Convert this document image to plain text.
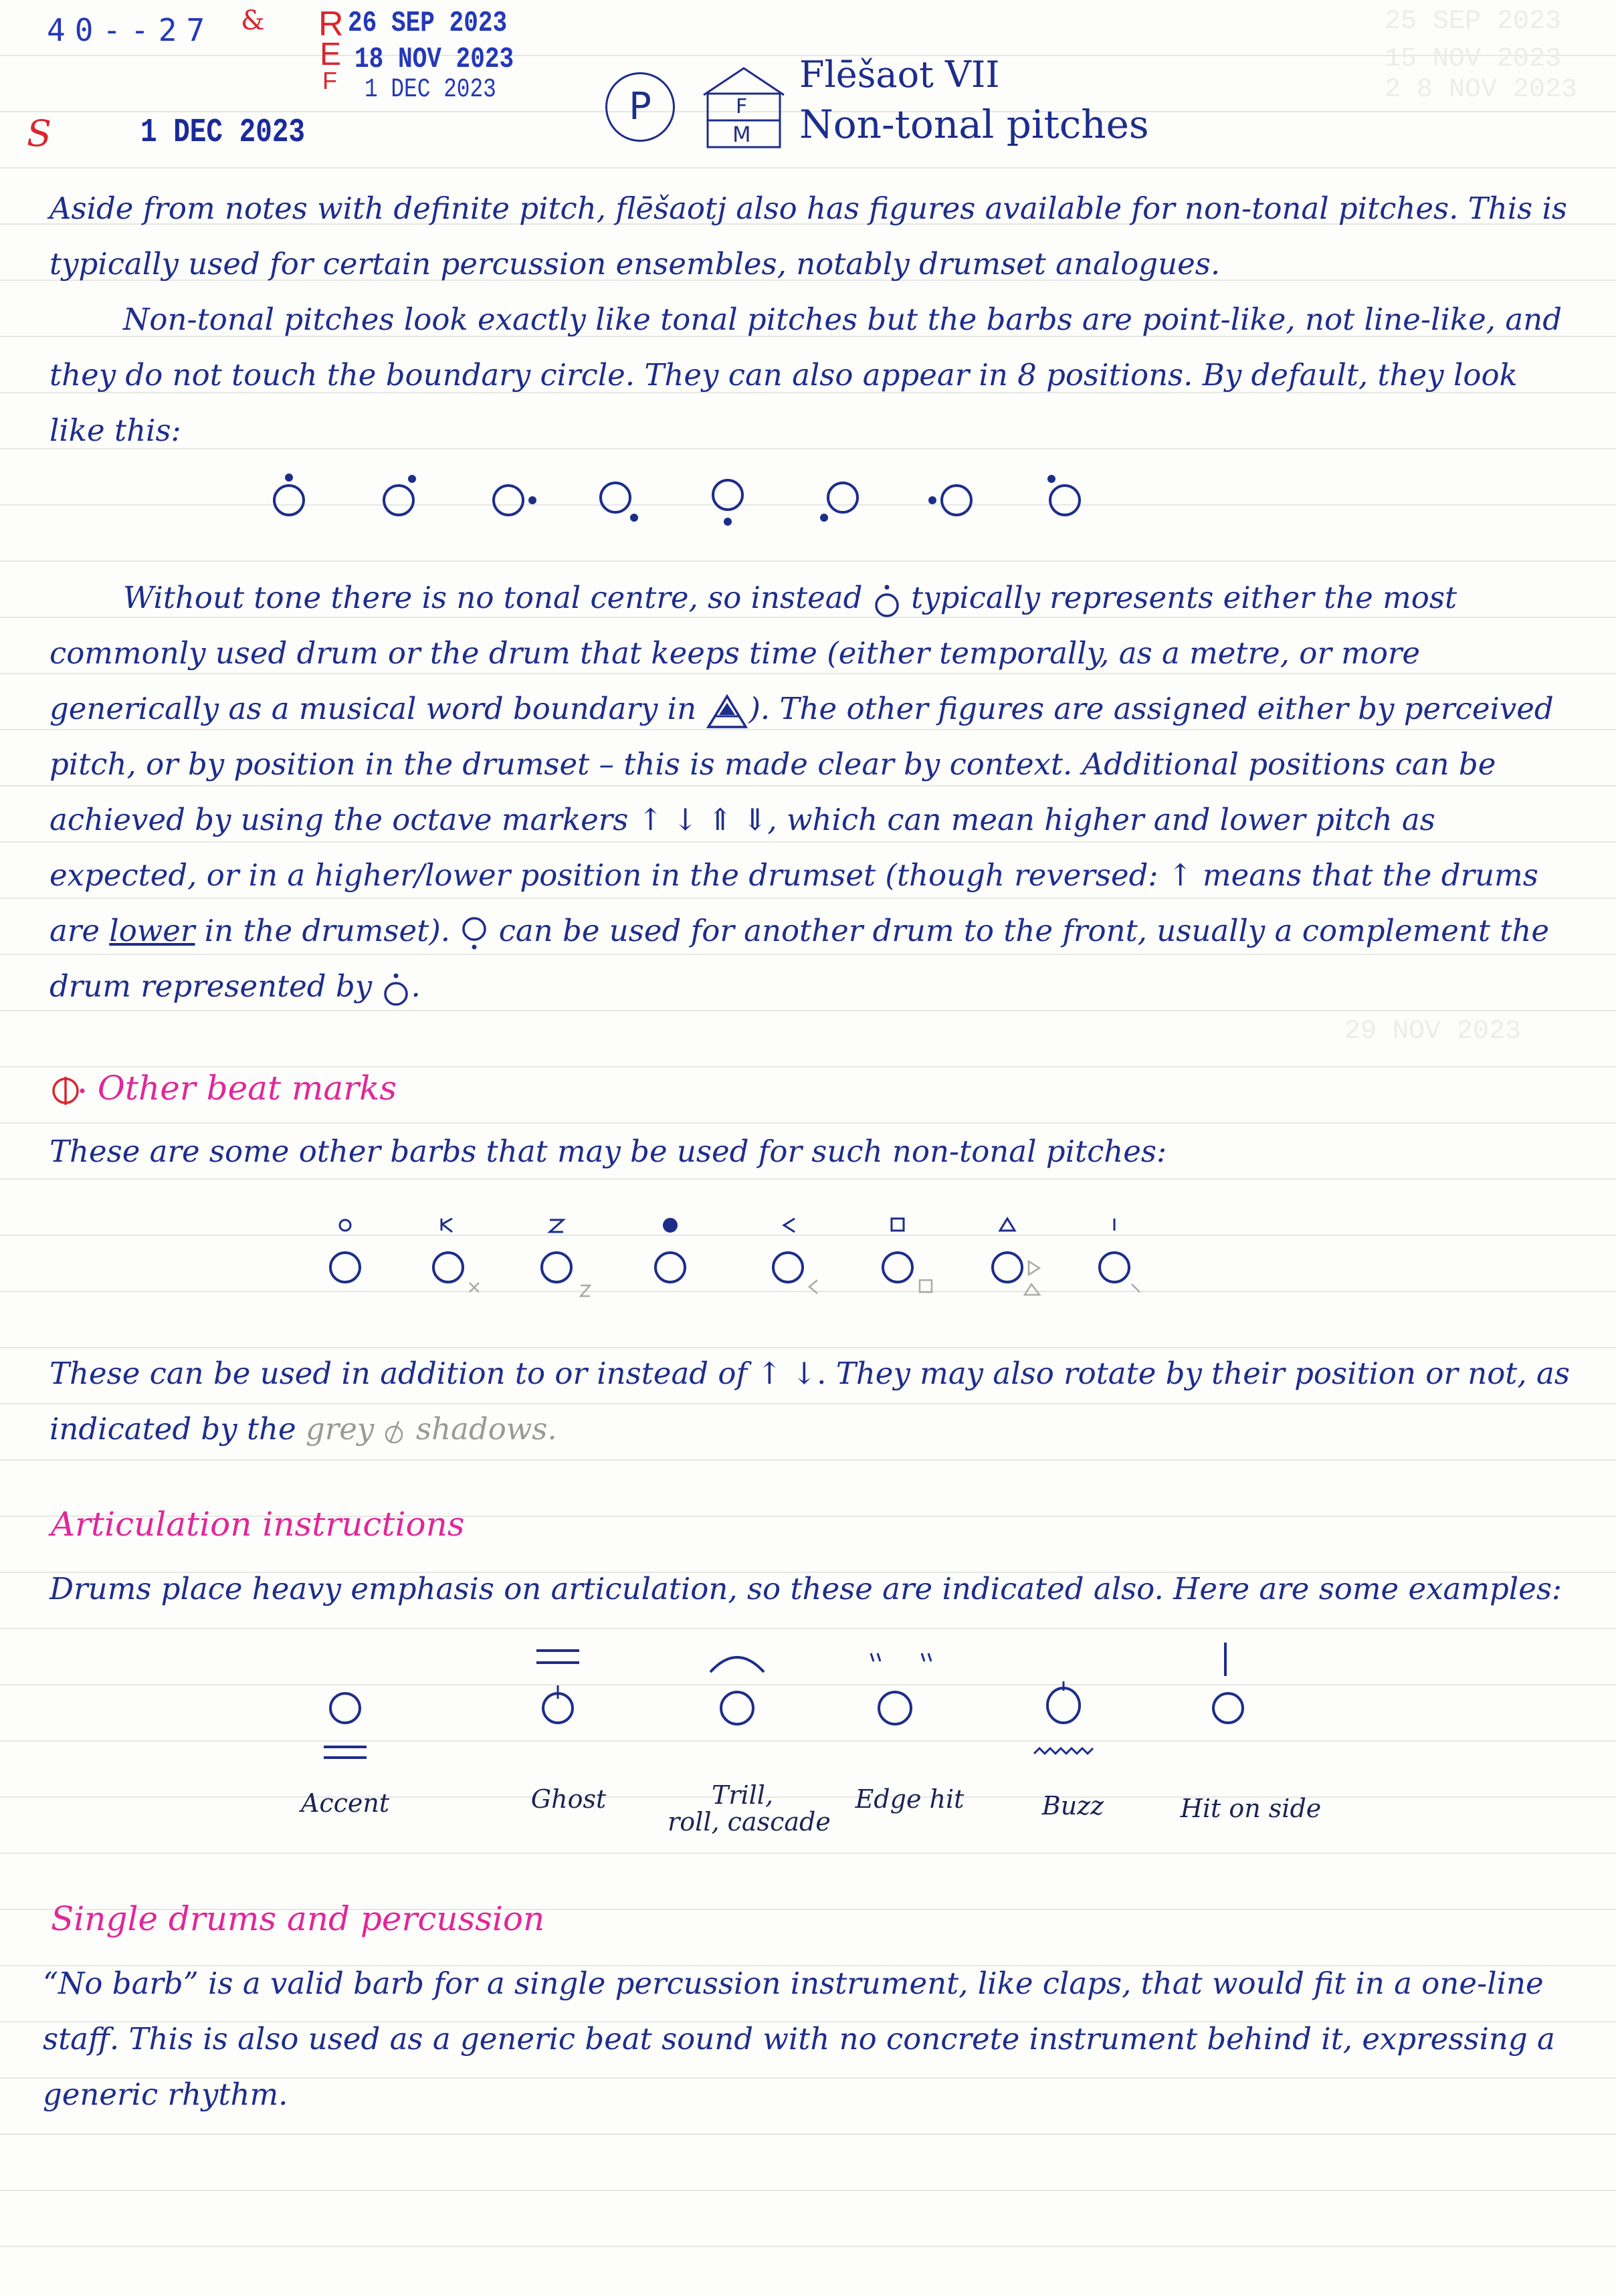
40--27 & R
E
F
26 SEP 2023
18 NOV 2023
1 DEC 2023
S	1 DEC 2023
P	F
M
Flēšaot VII
Non-tonal pitches
25 SEP 2023
15 NOV 2023
2 8 NOV 2023
29 NOV 2023
Aside from notes with definite pitch, flēšaotj also has figures available for non-tonal pitches. This is typically used for certain percussion ensembles, notably drumset analogues.
Non-tonal pitches look exactly like tonal pitches but the barbs are point-like, not line-like, and they do not touch the boundary circle. They can also appear in 8 positions. By default, they look like this:
Without tone there is no tonal centre, so instead typically represents either the most commonly used drum or the drum that keeps time (either temporally, as a metre, or more generically as a musical word boundary in ). The other figures are assigned either by perceived pitch, or by position in the drumset – this is made clear by context. Additional positions can be achieved by using the octave markers ↑ ↓ ⇑ ⇓, which can mean higher and lower pitch as expected, or in a higher/lower position in the drumset (though reversed: ↑ means that the drums are lower in the drumset). can be used for another drum to the front, usually a complement the drum represented by .
Other beat marks
These are some other barbs that may be used for such non-tonal pitches:
These can be used in addition to or instead of ↑ ↓. They may also rotate by their position or not, as indicated by the grey shadows.
Articulation instructions
Drums place heavy emphasis on articulation, so these are indicated also. Here are some examples:
Accent	Ghost	Trill,
roll, cascade
Edge hit	Buzz	Hit on side
Single drums and percussion
“No barb” is a valid barb for a single percussion instrument, like claps, that would fit in a one-line staff. This is also used as a generic beat sound with no concrete instrument behind it, expressing a generic rhythm.
